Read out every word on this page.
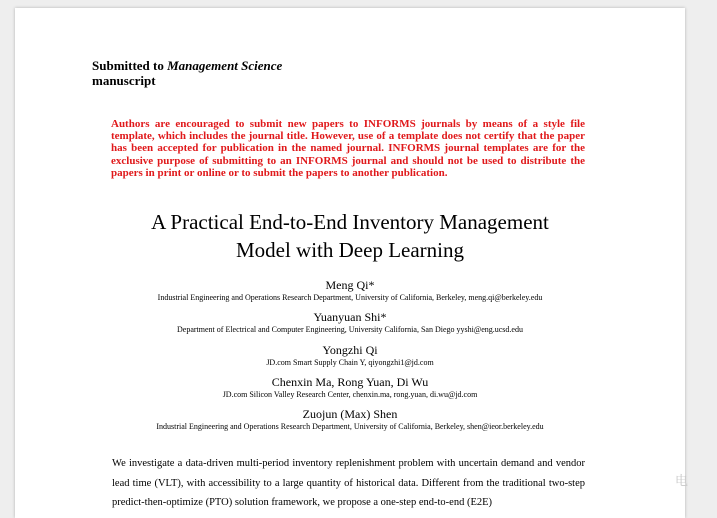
Submitted to Management Science
manuscript
Authors are encouraged to submit new papers to INFORMS journals by means of a style file template, which includes the journal title. However, use of a template does not certify that the paper has been accepted for publication in the named journal. INFORMS journal templates are for the exclusive purpose of submitting to an INFORMS journal and should not be used to distribute the papers in print or online or to submit the papers to another publication.
A Practical End-to-End Inventory Management
Model with Deep Learning
Meng Qi*
Industrial Engineering and Operations Research Department, University of California, Berkeley, meng.qi@berkeley.edu
Yuanyuan Shi*
Department of Electrical and Computer Engineering, University California, San Diego yyshi@eng.ucsd.edu
Yongzhi Qi
JD.com Smart Supply Chain Y, qiyongzhi1@jd.com
Chenxin Ma, Rong Yuan, Di Wu
JD.com Silicon Valley Research Center, chenxin.ma, rong.yuan, di.wu@jd.com
Zuojun (Max) Shen
Industrial Engineering and Operations Research Department, University of California, Berkeley, shen@ieor.berkeley.edu
We investigate a data-driven multi-period inventory replenishment problem with uncertain demand and vendor lead time (VLT), with accessibility to a large quantity of historical data. Different from the traditional two-step predict-then-optimize (PTO) solution framework, we propose a one-step end-to-end (E2E)
电
